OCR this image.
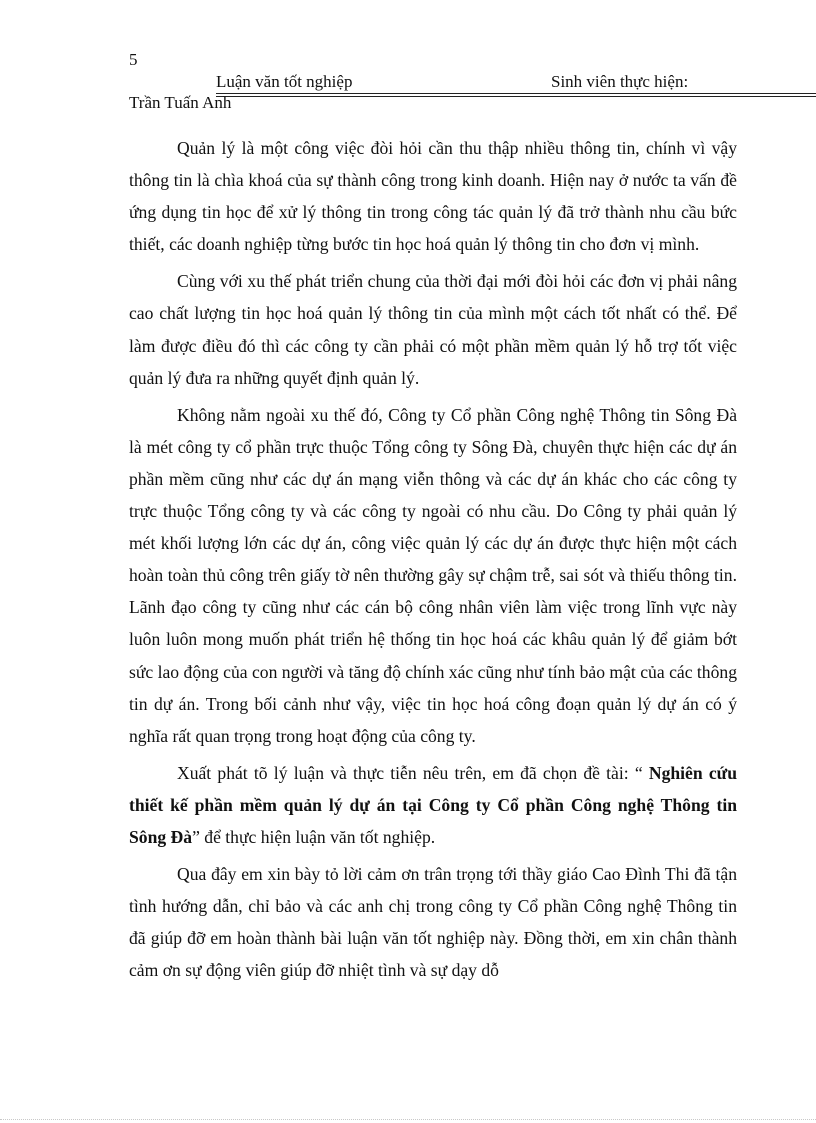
5
Luận văn tốt nghiệp	Sinh viên thực hiện:
Trần Tuấn Anh

Quản lý là một công việc đòi hỏi cần thu thập nhiều thông tin, chính vì vậy thông tin là chìa khoá của sự thành công trong kinh doanh. Hiện nay ở nước ta vấn đề ứng dụng tin học để xử lý thông tin trong công tác quản lý đã trở thành nhu cầu bức thiết, các doanh nghiệp từng bước tin học hoá quản lý thông tin cho đơn vị mình.

Cùng với xu thế phát triển chung của thời đại mới đòi hỏi các đơn vị phải nâng cao chất lượng tin học hoá quản lý thông tin của mình một cách tốt nhất có thể. Để làm được điều đó thì các công ty cần phải có một phần mềm quản lý hỗ trợ tốt việc quản lý đưa ra những quyết định quản lý.

Không nằm ngoài xu thế đó, Công ty Cổ phần Công nghệ Thông tin Sông Đà là mét công ty cổ phần trực thuộc Tổng công ty Sông Đà, chuyên thực hiện các dự án phần mềm cũng như các dự án mạng viễn thông và các dự án khác cho các công ty trực thuộc Tổng công ty và các công ty ngoài có nhu cầu. Do Công ty phải quản lý mét khối lượng lớn các dự án, công việc quản lý các dự án được thực hiện một cách hoàn toàn thủ công trên giấy tờ nên thường gây sự chậm trễ, sai sót và thiếu thông tin. Lãnh đạo công ty cũng như các cán bộ công nhân viên làm việc trong lĩnh vực này luôn luôn mong muốn phát triển hệ thống tin học hoá các khâu quản lý để giảm bớt sức lao động của con người và tăng độ chính xác cũng như tính bảo mật của các thông tin dự án. Trong bối cảnh như vậy, việc tin học hoá công đoạn quản lý dự án có ý nghĩa rất quan trọng trong hoạt động của công ty.

Xuất phát tõ lý luận và thực tiễn nêu trên, em đã chọn đề tài: “ Nghiên cứu thiết kế phần mềm quản lý dự án tại Công ty Cổ phần Công nghệ Thông tin Sông Đà” để thực hiện luận văn tốt nghiệp.

Qua đây em xin bày tỏ lời cảm ơn trân trọng tới thầy giáo Cao Đình Thi đã tận tình hướng dẫn, chỉ bảo và các anh chị trong công ty Cổ phần Công nghệ Thông tin đã giúp đỡ em hoàn thành bài luận văn tốt nghiệp này. Đồng thời, em xin chân thành cảm ơn sự động viên giúp đỡ nhiệt tình và sự dạy dỗ
